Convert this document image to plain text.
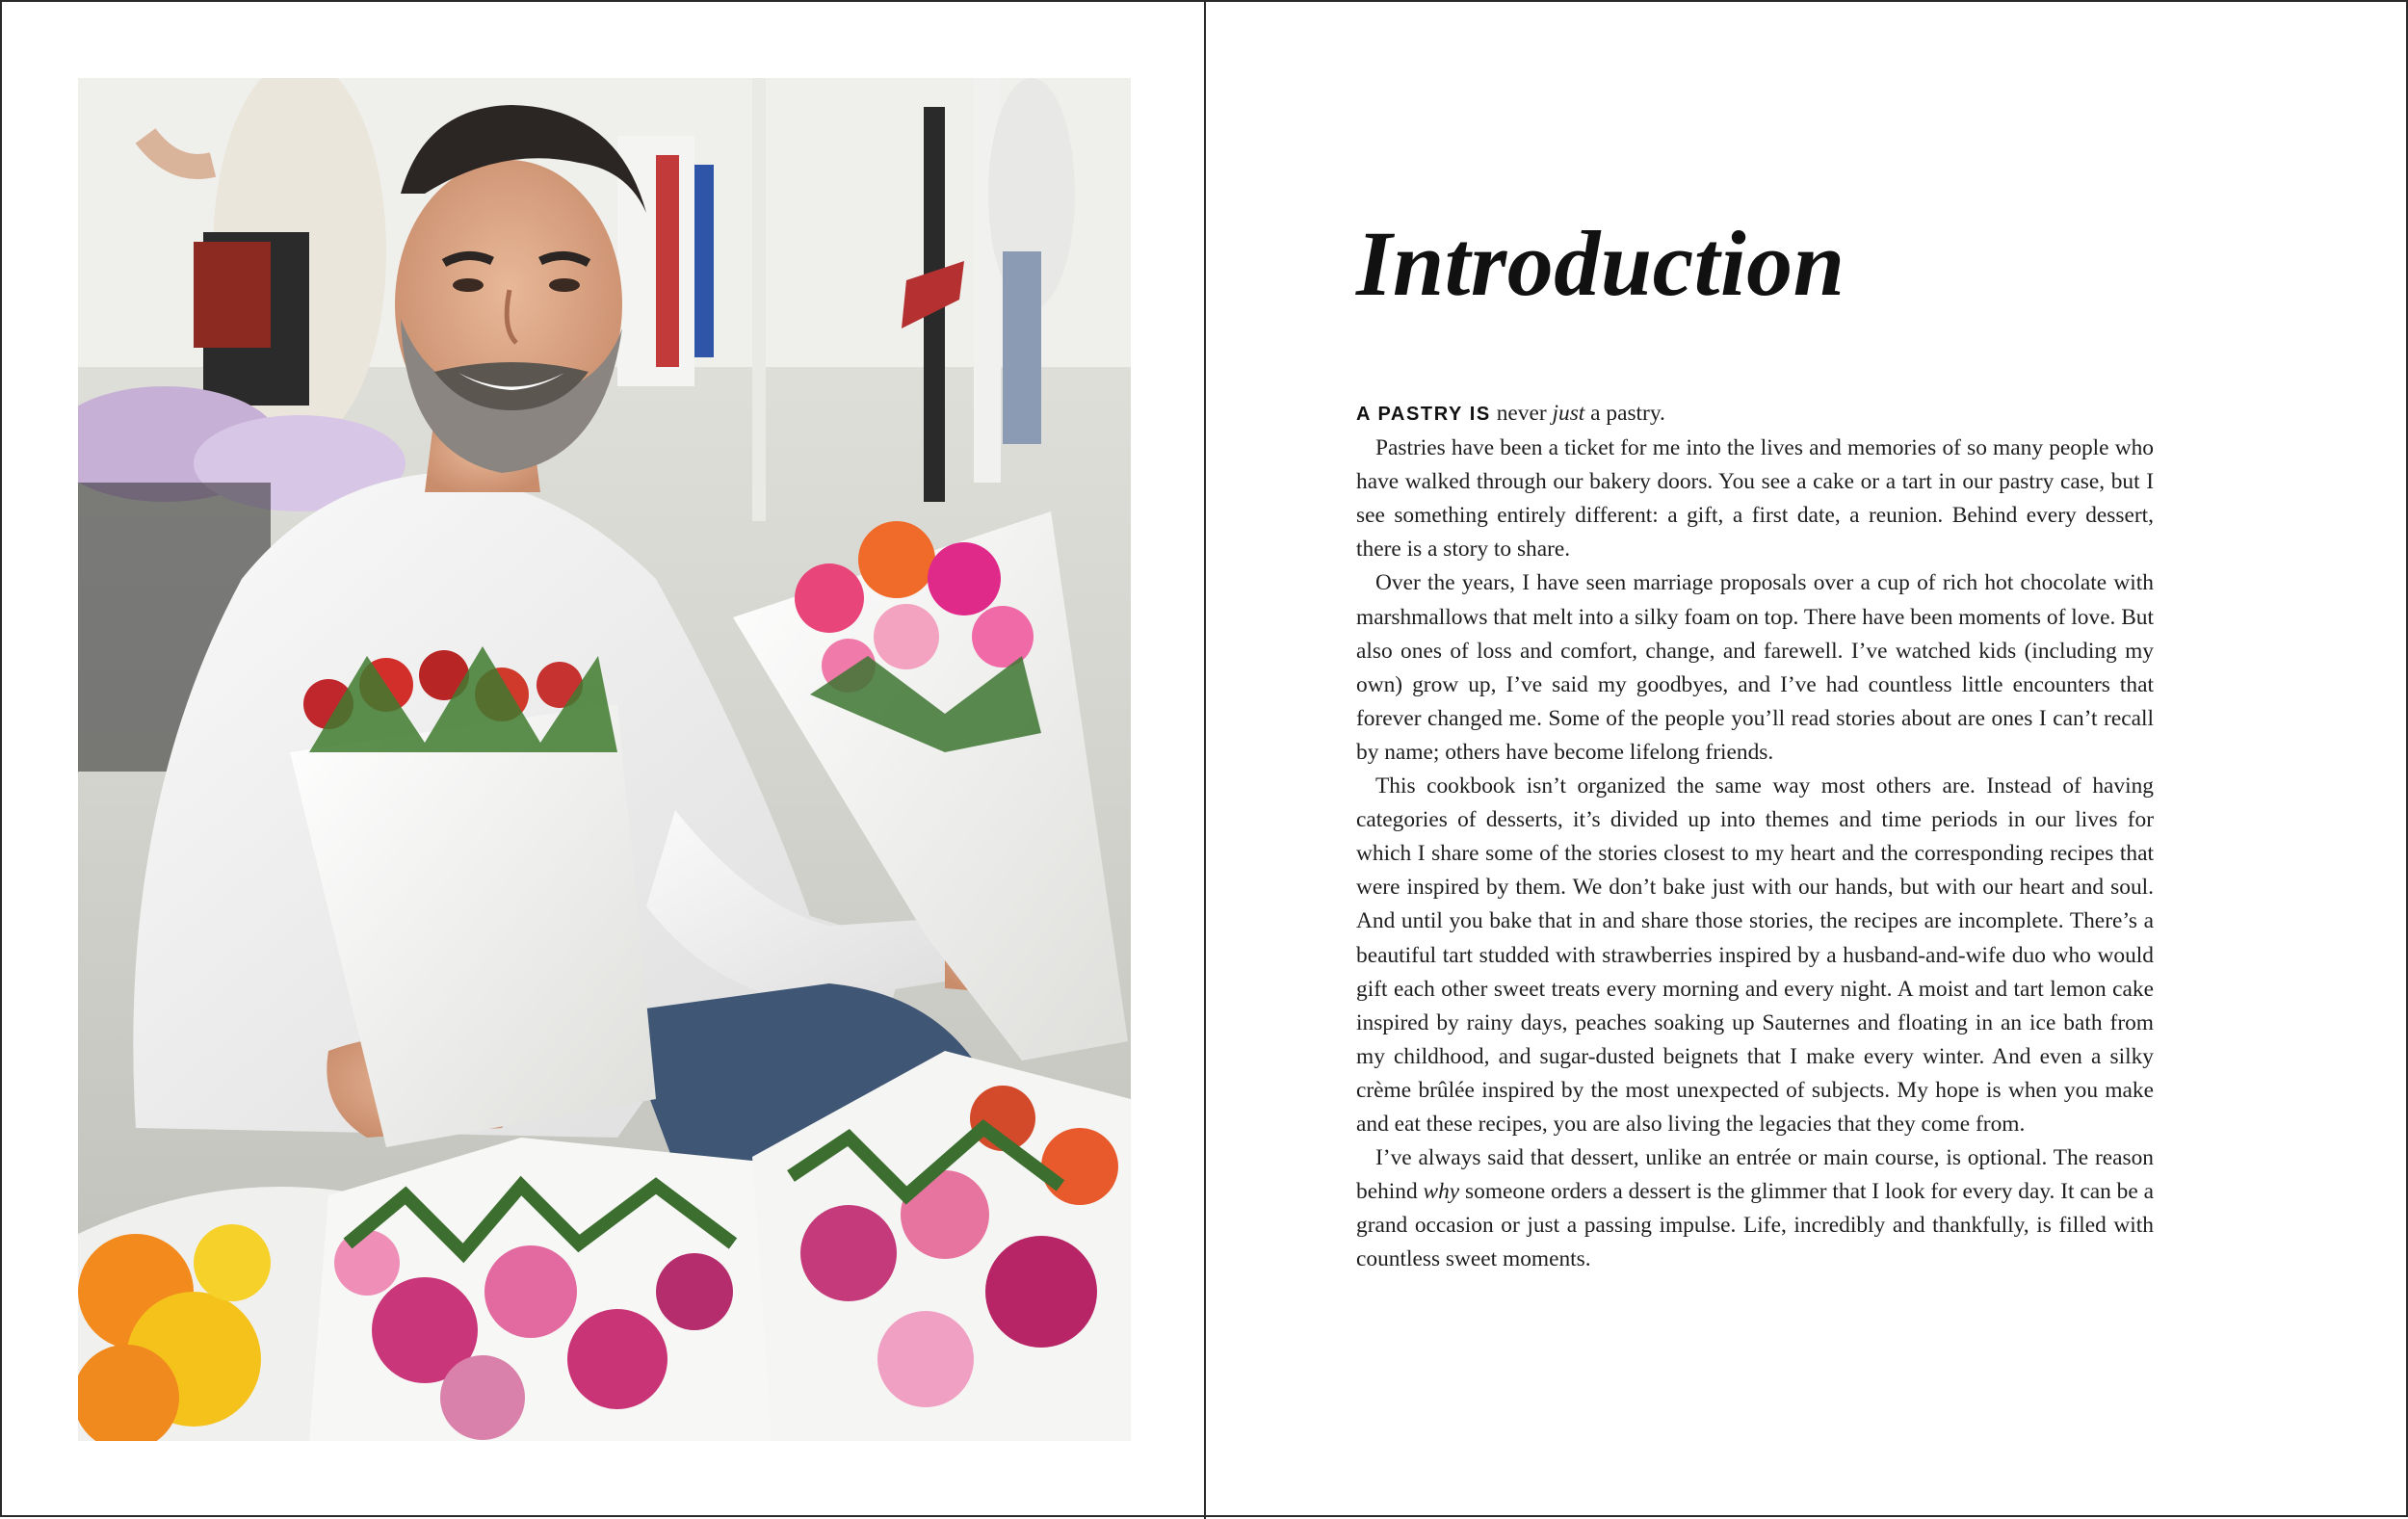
Introduction

A PASTRY IS never just a pastry.

Pastries have been a ticket for me into the lives and memories of so many people who have walked through our bakery doors. You see a cake or a tart in our pastry case, but I see something entirely different: a gift, a first date, a reunion. Behind every dessert, there is a story to share.

Over the years, I have seen marriage proposals over a cup of rich hot chocolate with marshmallows that melt into a silky foam on top. There have been moments of love. But also ones of loss and comfort, change, and farewell. I’ve watched kids (including my own) grow up, I’ve said my goodbyes, and I’ve had countless little encounters that forever changed me. Some of the people you’ll read stories about are ones I can’t recall by name; others have become lifelong friends.

This cookbook isn’t organized the same way most others are. Instead of having categories of desserts, it’s divided up into themes and time periods in our lives for which I share some of the stories closest to my heart and the corresponding recipes that were inspired by them. We don’t bake just with our hands, but with our heart and soul. And until you bake that in and share those stories, the recipes are incomplete. There’s a beautiful tart studded with strawberries inspired by a husband-and-wife duo who would gift each other sweet treats every morning and every night. A moist and tart lemon cake inspired by rainy days, peaches soaking up Sauternes and floating in an ice bath from my childhood, and sugar-dusted beignets that I make every winter. And even a silky crème brûlée inspired by the most unexpected of subjects. My hope is when you make and eat these recipes, you are also living the legacies that they come from.

I’ve always said that dessert, unlike an entrée or main course, is optional. The reason behind why someone orders a dessert is the glimmer that I look for every day. It can be a grand occasion or just a passing impulse. Life, incredibly and thankfully, is filled with countless sweet moments.
